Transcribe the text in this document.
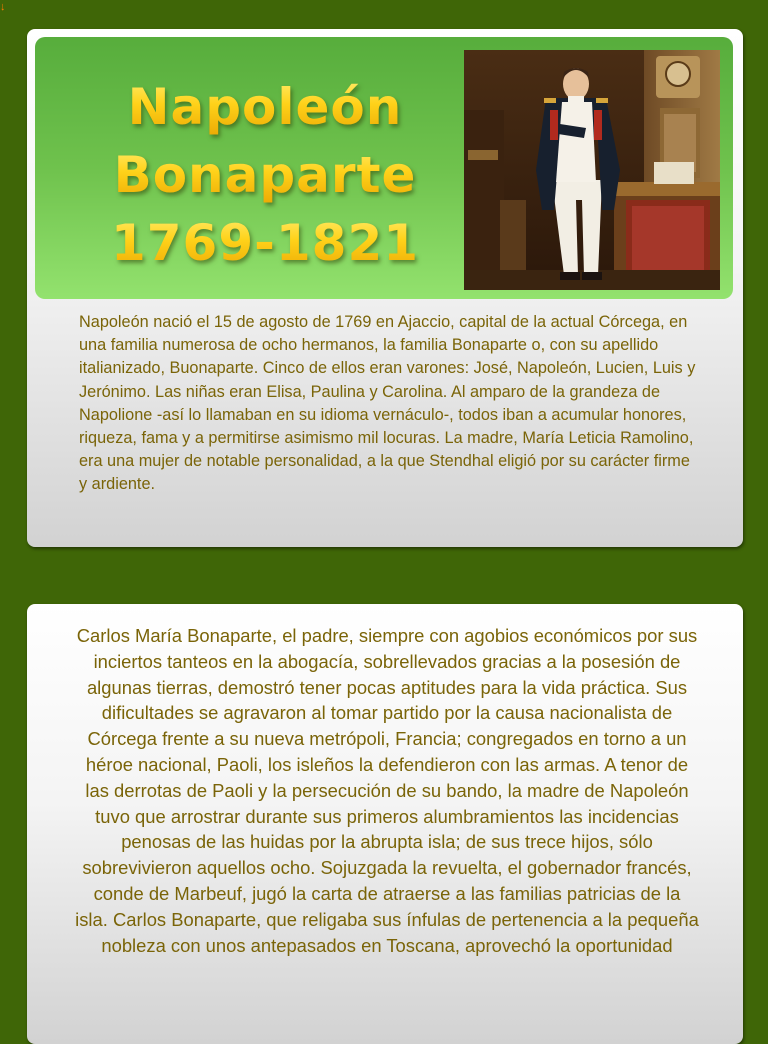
↓
Napoleón
Bonaparte
1769-1821

Napoleón nació el 15 de agosto de 1769 en Ajaccio, capital de la actual Córcega, en una familia numerosa de ocho hermanos, la familia Bonaparte o, con su apellido italianizado, Buonaparte. Cinco de ellos eran varones: José, Napoleón, Lucien, Luis y Jerónimo. Las niñas eran Elisa, Paulina y Carolina. Al amparo de la grandeza de Napolione -así lo llamaban en su idioma vernáculo-, todos iban a acumular honores, riqueza, fama y a permitirse asimismo mil locuras. La madre, María Leticia Ramolino, era una mujer de notable personalidad, a la que Stendhal eligió por su carácter firme y ardiente.

Carlos María Bonaparte, el padre, siempre con agobios económicos por sus inciertos tanteos en la abogacía, sobrellevados gracias a la posesión de algunas tierras, demostró tener pocas aptitudes para la vida práctica. Sus dificultades se agravaron al tomar partido por la causa nacionalista de Córcega frente a su nueva metrópoli, Francia; congregados en torno a un héroe nacional, Paoli, los isleños la defendieron con las armas. A tenor de las derrotas de Paoli y la persecución de su bando, la madre de Napoleón tuvo que arrostrar durante sus primeros alumbramientos las incidencias penosas de las huidas por la abrupta isla; de sus trece hijos, sólo sobrevivieron aquellos ocho. Sojuzgada la revuelta, el gobernador francés, conde de Marbeuf, jugó la carta de atraerse a las familias patricias de la isla. Carlos Bonaparte, que religaba sus ínfulas de pertenencia a la pequeña nobleza con unos antepasados en Toscana, aprovechó la oportunidad
